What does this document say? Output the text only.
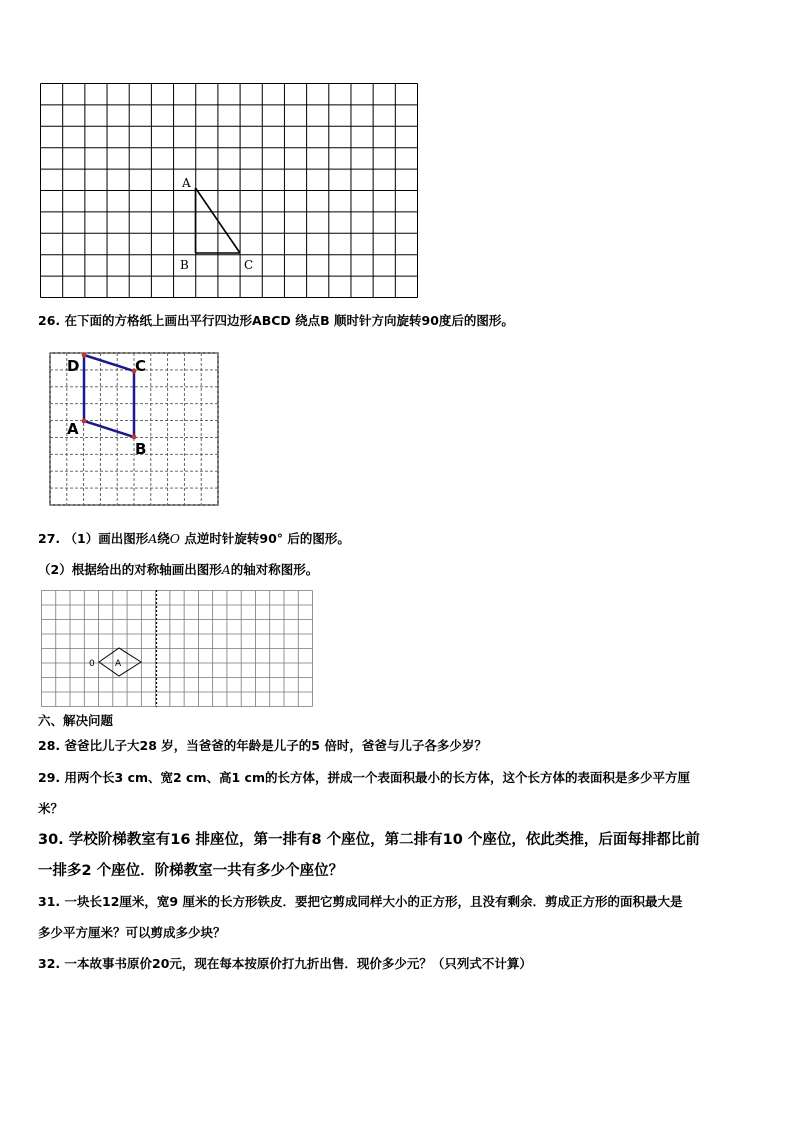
A
B	C
26. 在下面的方格纸上画出平行四边形ABCD 绕点B 顺时针方向旋转90度后的图形。
D	C
A
B
27. （1）画出图形A绕O 点逆时针旋转90° 后的图形。
（2）根据给出的对称轴画出图形A的轴对称图形。
0 A
六、解决问题
28. 爸爸比儿子大28 岁，当爸爸的年龄是儿子的5 倍时，爸爸与儿子各多少岁？
29. 用两个长3 cm、宽2 cm、高1 cm的长方体，拼成一个表面积最小的长方体，这个长方体的表面积是多少平方厘
米？
30. 学校阶梯教室有16 排座位，第一排有8 个座位，第二排有10 个座位，依此类推，后面每排都比前
一排多2 个座位．阶梯教室一共有多少个座位？
31. 一块长12厘米，宽9 厘米的长方形铁皮．要把它剪成同样大小的正方形，且没有剩余．剪成正方形的面积最大是
多少平方厘米？可以剪成多少块？
32. 一本故事书原价20元，现在每本按原价打九折出售．现价多少元？（只列式不计算）
